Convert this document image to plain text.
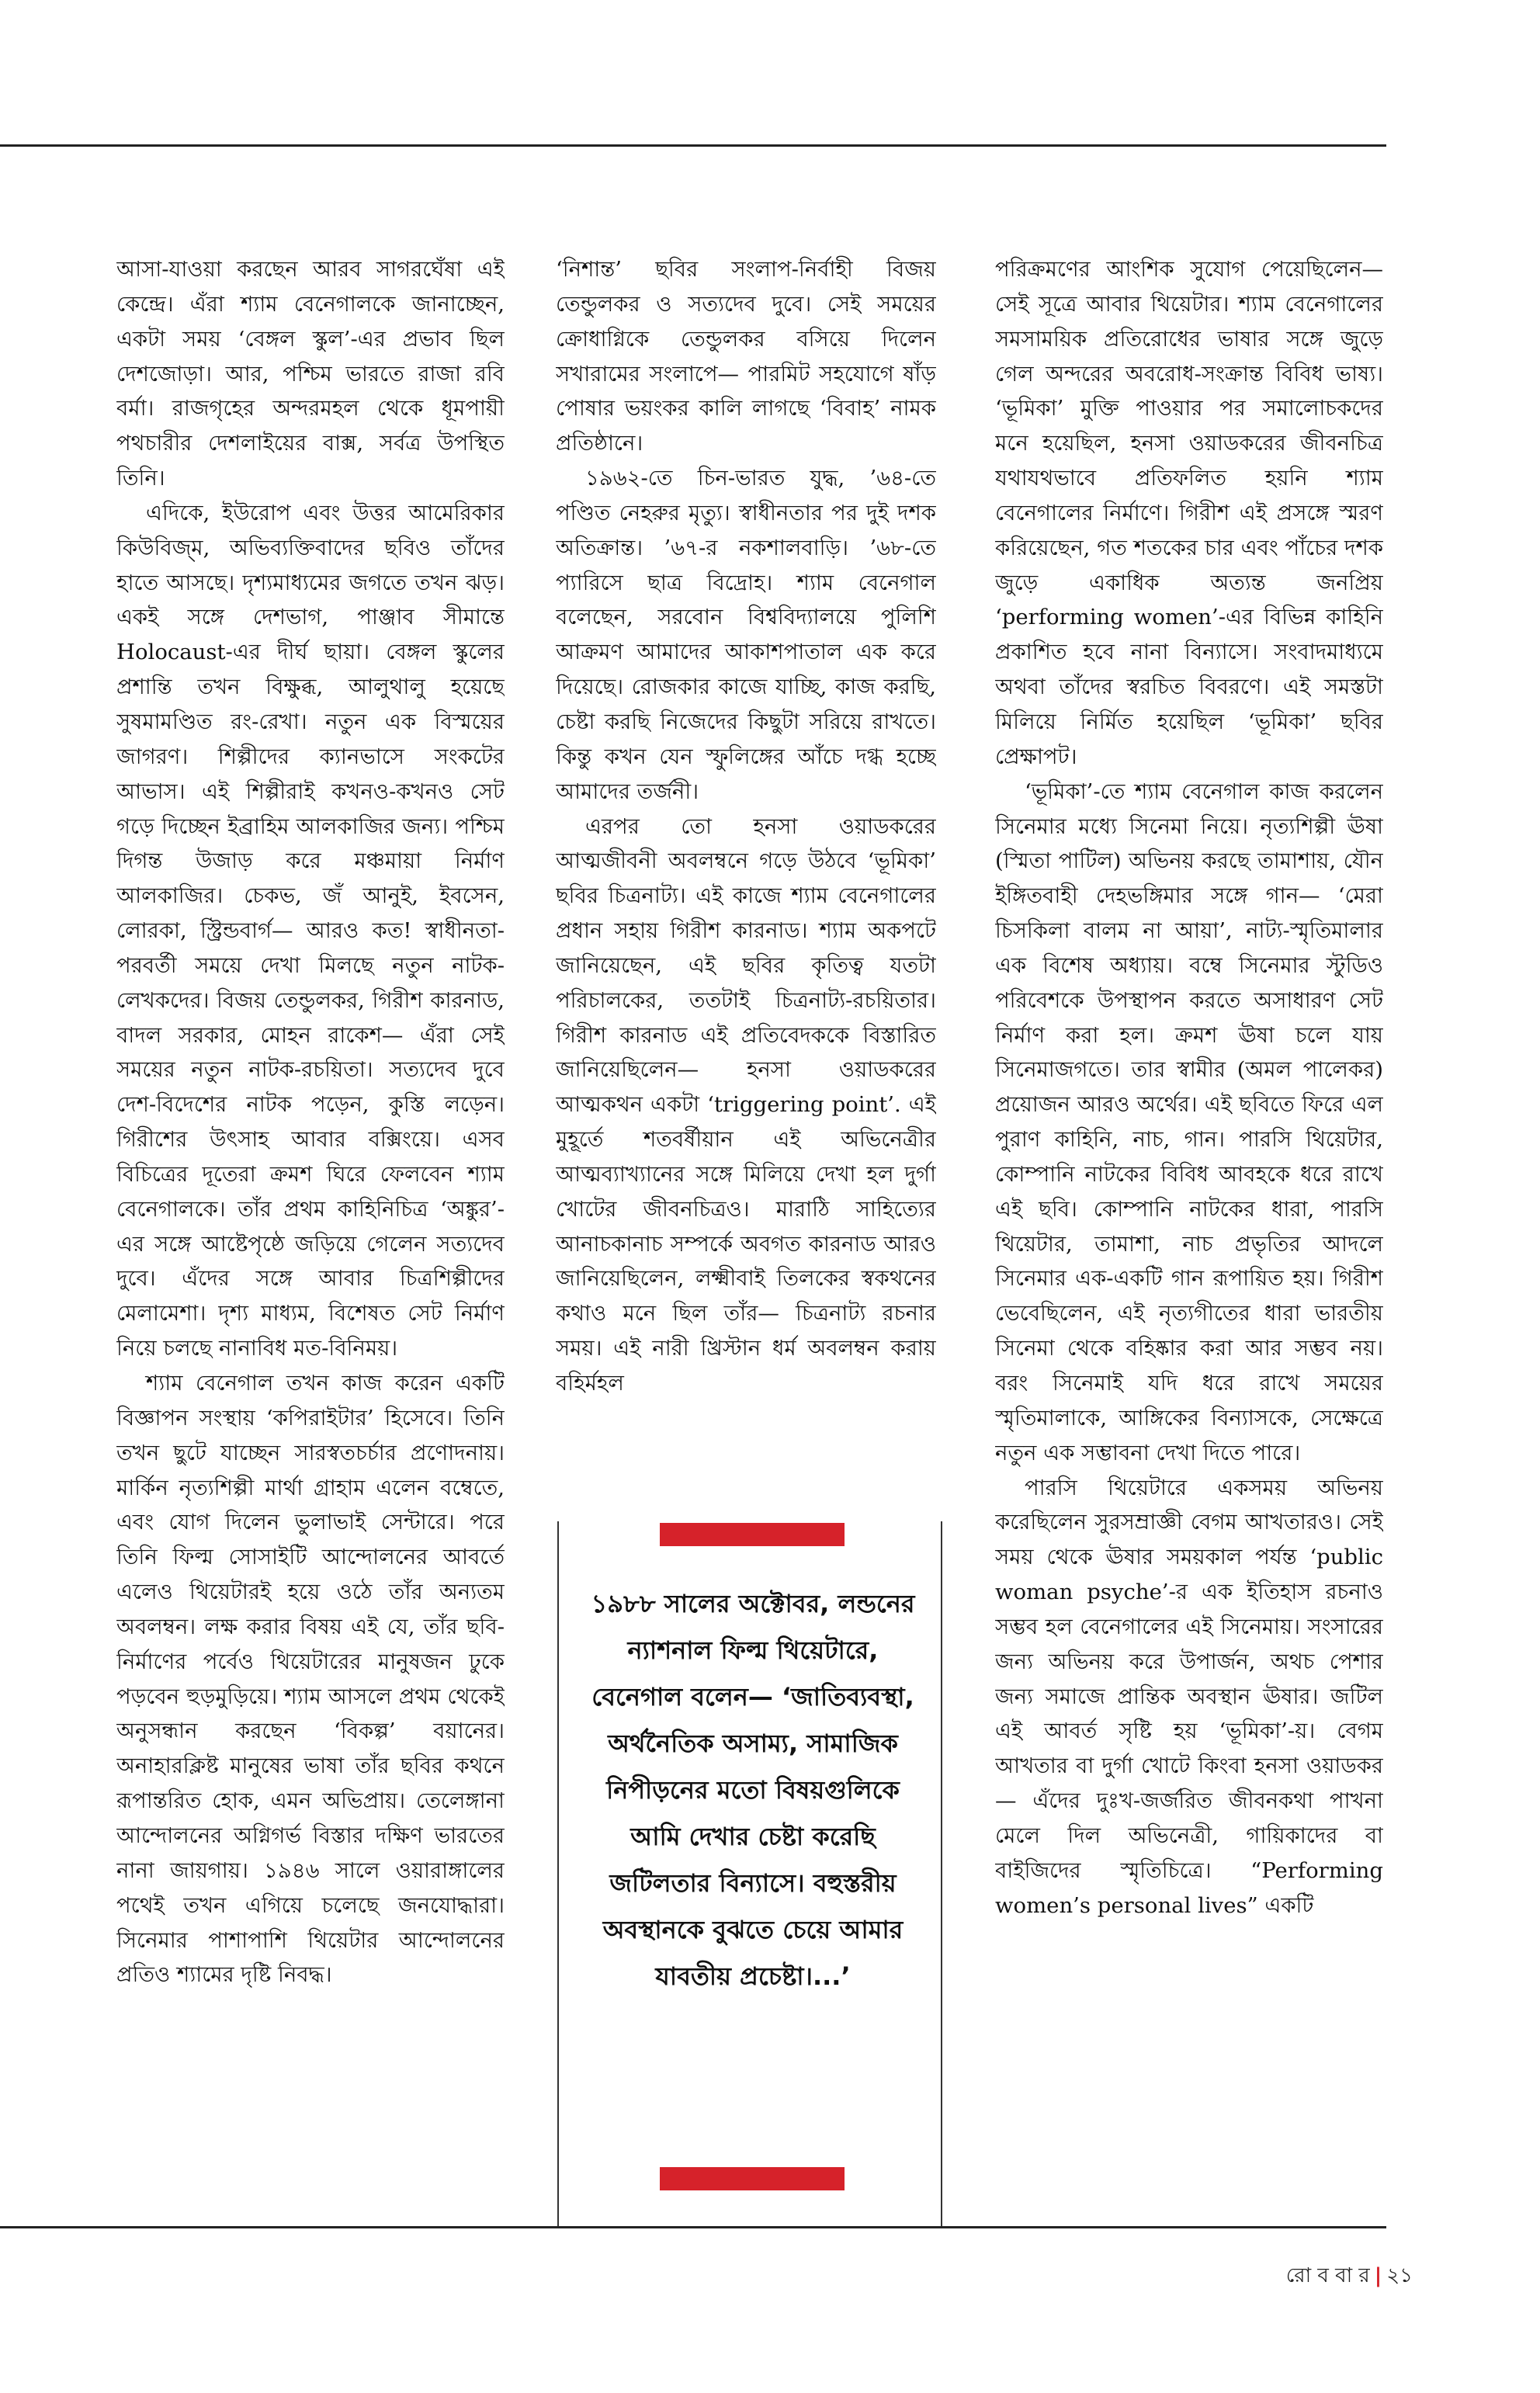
আসা-যাওয়া করছেন আরব সাগরঘেঁষা এই কেন্দ্রে। এঁরা শ্যাম বেনেগালকে জানাচ্ছেন, একটা সময় ‘বেঙ্গল স্কুল’-এর প্রভাব ছিল দেশজোড়া। আর, পশ্চিম ভারতে রাজা রবি বর্মা। রাজগৃহের অন্দরমহল থেকে ধূমপায়ী পথচারীর দেশলাইয়ের বাক্স, সর্বত্র উপস্থিত তিনি।

এদিকে, ইউরোপ এবং উত্তর আমেরিকার কিউবিজ্‌ম, অভিব্যক্তিবাদের ছবিও তাঁদের হাতে আসছে। দৃশ্যমাধ্যমের জগতে তখন ঝড়। একই সঙ্গে দেশভাগ, পাঞ্জাব সীমান্তে Holocaust-এর দীর্ঘ ছায়া। বেঙ্গল স্কুলের প্রশান্তি তখন বিক্ষুব্ধ, আলুথালু হয়েছে সুষমামণ্ডিত রং-রেখা। নতুন এক বিস্ময়ের জাগরণ। শিল্পীদের ক্যানভাসে সংকটের আভাস। এই শিল্পীরাই কখনও-কখনও সেট গড়ে দিচ্ছেন ইব্রাহিম আলকাজির জন্য। পশ্চিম দিগন্ত উজাড় করে মঞ্চমায়া নির্মাণ আলকাজির। চেকভ, জঁ আনুই, ইবসেন, লোরকা, স্ট্রিন্ডবার্গ— আরও কত! স্বাধীনতা-পরবর্তী সময়ে দেখা মিলছে নতুন নাটক-লেখকদের। বিজয় তেন্ডুলকর, গিরীশ কারনাড, বাদল সরকার, মোহন রাকেশ— এঁরা সেই সময়ের নতুন নাটক-রচয়িতা। সত্যদেব দুবে দেশ-বিদেশের নাটক পড়েন, কুস্তি লড়েন। গিরীশের উৎসাহ আবার বক্সিংয়ে। এসব বিচিত্রের দূতেরা ক্রমশ ঘিরে ফেলবেন শ্যাম বেনেগালকে। তাঁর প্রথম কাহিনিচিত্র ‘অঙ্কুর’-এর সঙ্গে আষ্টেপৃষ্ঠে জড়িয়ে গেলেন সত্যদেব দুবে। এঁদের সঙ্গে আবার চিত্রশিল্পীদের মেলামেশা। দৃশ্য মাধ্যম, বিশেষত সেট নির্মাণ নিয়ে চলছে নানাবিধ মত-বিনিময়।

শ্যাম বেনেগাল তখন কাজ করেন একটি বিজ্ঞাপন সংস্থায় ‘কপিরাইটার’ হিসেবে। তিনি তখন ছুটে যাচ্ছেন সারস্বতচর্চার প্রণোদনায়। মার্কিন নৃত্যশিল্পী মার্থা গ্রাহাম এলেন বম্বেতে, এবং যোগ দিলেন ভুলাভাই সেন্টারে। পরে তিনি ফিল্ম সোসাইটি আন্দোলনের আবর্তে এলেও থিয়েটারই হয়ে ওঠে তাঁর অন্যতম অবলম্বন। লক্ষ করার বিষয় এই যে, তাঁর ছবি-নির্মাণের পর্বেও থিয়েটারের মানুষজন ঢুকে পড়বেন হুড়মুড়িয়ে। শ্যাম আসলে প্রথম থেকেই অনুসন্ধান করছেন ‘বিকল্প’ বয়ানের। অনাহারক্লিষ্ট মানুষের ভাষা তাঁর ছবির কথনে রূপান্তরিত হোক, এমন অভিপ্রায়। তেলেঙ্গানা আন্দোলনের অগ্নিগর্ভ বিস্তার দক্ষিণ ভারতের নানা জায়গায়। ১৯৪৬ সালে ওয়ারাঙ্গালের পথেই তখন এগিয়ে চলেছে জনযোদ্ধারা। সিনেমার পাশাপাশি থিয়েটার আন্দোলনের প্রতিও শ্যামের দৃষ্টি নিবদ্ধ।

‘নিশান্ত’ ছবির সংলাপ-নির্বাহী বিজয় তেন্ডুলকর ও সত্যদেব দুবে। সেই সময়ের ক্রোধাগ্নিকে তেন্ডুলকর বসিয়ে দিলেন সখারামের সংলাপে— পারমিট সহযোগে ষাঁড় পোষার ভয়ংকর কালি লাগছে ‘বিবাহ’ নামক প্রতিষ্ঠানে।

১৯৬২-তে চিন-ভারত যুদ্ধ, ’৬৪-তে পণ্ডিত নেহরুর মৃত্যু। স্বাধীনতার পর দুই দশক অতিক্রান্ত। ’৬৭-র নকশালবাড়ি। ’৬৮-তে প্যারিসে ছাত্র বিদ্রোহ। শ্যাম বেনেগাল বলেছেন, সরবোন বিশ্ববিদ্যালয়ে পুলিশি আক্রমণ আমাদের আকাশপাতাল এক করে দিয়েছে। রোজকার কাজে যাচ্ছি, কাজ করছি, চেষ্টা করছি নিজেদের কিছুটা সরিয়ে রাখতে। কিন্তু কখন যেন স্ফুলিঙ্গের আঁচে দগ্ধ হচ্ছে আমাদের তর্জনী।

এরপর তো হনসা ওয়াডকরের আত্মজীবনী অবলম্বনে গড়ে উঠবে ‘ভূমিকা’ ছবির চিত্রনাট্য। এই কাজে শ্যাম বেনেগালের প্রধান সহায় গিরীশ কারনাড। শ্যাম অকপটে জানিয়েছেন, এই ছবির কৃতিত্ব যতটা পরিচালকের, ততটাই চিত্রনাট্য-রচয়িতার। গিরীশ কারনাড এই প্রতিবেদককে বিস্তারিত জানিয়েছিলেন— হনসা ওয়াডকরের আত্মকথন একটা ‘triggering point’. এই মুহূর্তে শতবর্ষীয়ান এই অভিনেত্রীর আত্মব্যাখ্যানের সঙ্গে মিলিয়ে দেখা হল দুর্গা খোটের জীবনচিত্রও। মারাঠি সাহিত্যের আনাচকানাচ সম্পর্কে অবগত কারনাড আরও জানিয়েছিলেন, লক্ষ্মীবাই তিলকের স্বকথনের কথাও মনে ছিল তাঁর— চিত্রনাট্য রচনার সময়। এই নারী খ্রিস্টান ধর্ম অবলম্বন করায় বহির্মহল

১৯৮৮ সালের অক্টোবর, লন্ডনের ন্যাশনাল ফিল্ম থিয়েটারে, বেনেগাল বলেন— ‘জাতিব্যবস্থা, অর্থনৈতিক অসাম্য, সামাজিক নিপীড়নের মতো বিষয়গুলিকে আমি দেখার চেষ্টা করেছি জটিলতার বিন্যাসে। বহুস্তরীয় অবস্থানকে বুঝতে চেয়ে আমার যাবতীয় প্রচেষ্টা।...’

পরিক্রমণের আংশিক সুযোগ পেয়েছিলেন— সেই সূত্রে আবার থিয়েটার। শ্যাম বেনেগালের সমসাময়িক প্রতিরোধের ভাষার সঙ্গে জুড়ে গেল অন্দরের অবরোধ-সংক্রান্ত বিবিধ ভাষ্য। ‘ভূমিকা’ মুক্তি পাওয়ার পর সমালোচকদের মনে হয়েছিল, হনসা ওয়াডকরের জীবনচিত্র যথাযথভাবে প্রতিফলিত হয়নি শ্যাম বেনেগালের নির্মাণে। গিরীশ এই প্রসঙ্গে স্মরণ করিয়েছেন, গত শতকের চার এবং পাঁচের দশক জুড়ে একাধিক অত্যন্ত জনপ্রিয় ‘performing women’-এর বিভিন্ন কাহিনি প্রকাশিত হবে নানা বিন্যাসে। সংবাদমাধ্যমে অথবা তাঁদের স্বরচিত বিবরণে। এই সমস্তটা মিলিয়ে নির্মিত হয়েছিল ‘ভূমিকা’ ছবির প্রেক্ষাপট।

‘ভূমিকা’-তে শ্যাম বেনেগাল কাজ করলেন সিনেমার মধ্যে সিনেমা নিয়ে। নৃত্যশিল্পী ঊষা (স্মিতা পাটিল) অভিনয় করছে তামাশায়, যৌন ইঙ্গিতবাহী দেহভঙ্গিমার সঙ্গে গান— ‘মেরা চিসকিলা বালম না আয়া’, নাট্য-স্মৃতিমালার এক বিশেষ অধ্যায়। বম্বে সিনেমার স্টুডিও পরিবেশকে উপস্থাপন করতে অসাধারণ সেট নির্মাণ করা হল। ক্রমশ ঊষা চলে যায় সিনেমাজগতে। তার স্বামীর (অমল পালেকর) প্রয়োজন আরও অর্থের। এই ছবিতে ফিরে এল পুরাণ কাহিনি, নাচ, গান। পারসি থিয়েটার, কোম্পানি নাটকের বিবিধ আবহকে ধরে রাখে এই ছবি। কোম্পানি নাটকের ধারা, পারসি থিয়েটার, তামাশা, নাচ প্রভৃতির আদলে সিনেমার এক-একটি গান রূপায়িত হয়। গিরীশ ভেবেছিলেন, এই নৃত্যগীতের ধারা ভারতীয় সিনেমা থেকে বহিষ্কার করা আর সম্ভব নয়। বরং সিনেমাই যদি ধরে রাখে সময়ের স্মৃতিমালাকে, আঙ্গিকের বিন্যাসকে, সেক্ষেত্রে নতুন এক সম্ভাবনা দেখা দিতে পারে।

পারসি থিয়েটারে একসময় অভিনয় করেছিলেন সুরসম্রাজ্ঞী বেগম আখতারও। সেই সময় থেকে ঊষার সময়কাল পর্যন্ত ‘public woman psyche’-র এক ইতিহাস রচনাও সম্ভব হল বেনেগালের এই সিনেমায়। সংসারের জন্য অভিনয় করে উপার্জন, অথচ পেশার জন্য সমাজে প্রান্তিক অবস্থান ঊষার। জটিল এই আবর্ত সৃষ্টি হয় ‘ভূমিকা’-য়। বেগম আখতার বা দুর্গা খোটে কিংবা হনসা ওয়াডকর— এঁদের দুঃখ-জর্জরিত জীবনকথা পাখনা মেলে দিল অভিনেত্রী, গায়িকাদের বা বাইজিদের স্মৃতিচিত্রে। “Performing women’s personal lives” একটি

রো ব বা র | ২১
